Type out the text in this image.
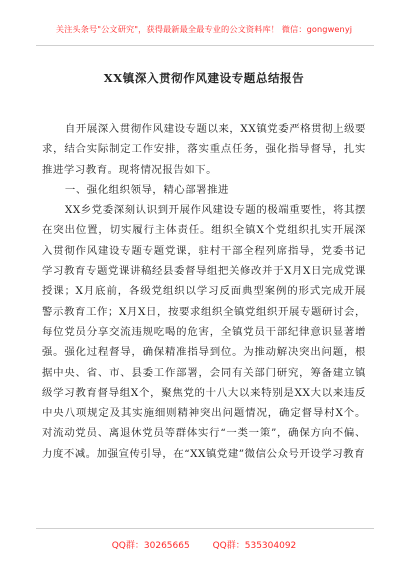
关注头条号"公文研究"，获得最新最全最专业的公文资料库！ 微信：gongwenyj
XX镇深入贯彻作风建设专题总结报告

自开展深入贯彻作风建设专题以来，XX镇党委严格贯彻上级要求，结合实际制定工作安排，落实重点任务，强化指导督导，扎实推进学习教育。现将情况报告如下。

一、强化组织领导，精心部署推进

XX乡党委深刻认识到开展作风建设专题的极端重要性，将其摆在突出位置，切实履行主体责任。组织全镇X个党组织扎实开展深入贯彻作风建设专题专题党课，驻村干部全程列席指导，党委书记学习教育专题党课讲稿经县委督导组把关修改并于X月X日完成党课授课；X月底前，各级党组织以学习反面典型案例的形式完成开展警示教育工作；X月X日，按要求组织全镇党组织开展专题研讨会，每位党员分享交流违规吃喝的危害，全镇党员干部纪律意识显著增强。强化过程督导，确保精准指导到位。为推动解决突出问题，根据中央、省、市、县委工作部署，会同有关部门研究，筹备建立镇级学习教育督导组X个，聚焦党的十八大以来特别是XX大以来违反中央八项规定及其实施细则精神突出问题情况，确定督导村X个。对流动党员、离退休党员等群体实行“一类一策”，确保方向不偏、力度不减。加强宣传引导，在“XX镇党建”微信公众号开设学习教育

QQ群：30265665	QQ群：535304092
